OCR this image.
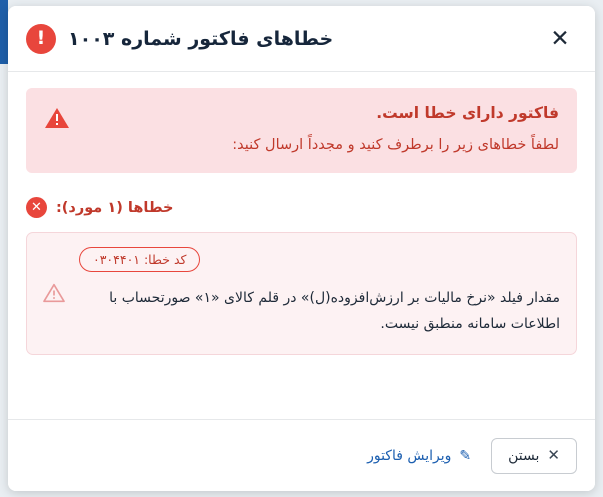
✕
!	خطاهای فاکتور شماره ۱۰۰۳
فاکتور دارای خطا است.
لطفاً خطاهای زیر را برطرف کنید و مجدداً ارسال کنید:
✕ خطاها (۱ مورد):
کد خطا: ۰۳۰۴۴۰۱
مقدار فیلد «نرخ مالیات بر ارزش‌افزوده(ل)» در قلم کالای «۱» صورتحساب با اطلاعات سامانه منطبق نیست.
بستن ✕
ویرایش فاکتور ✎
